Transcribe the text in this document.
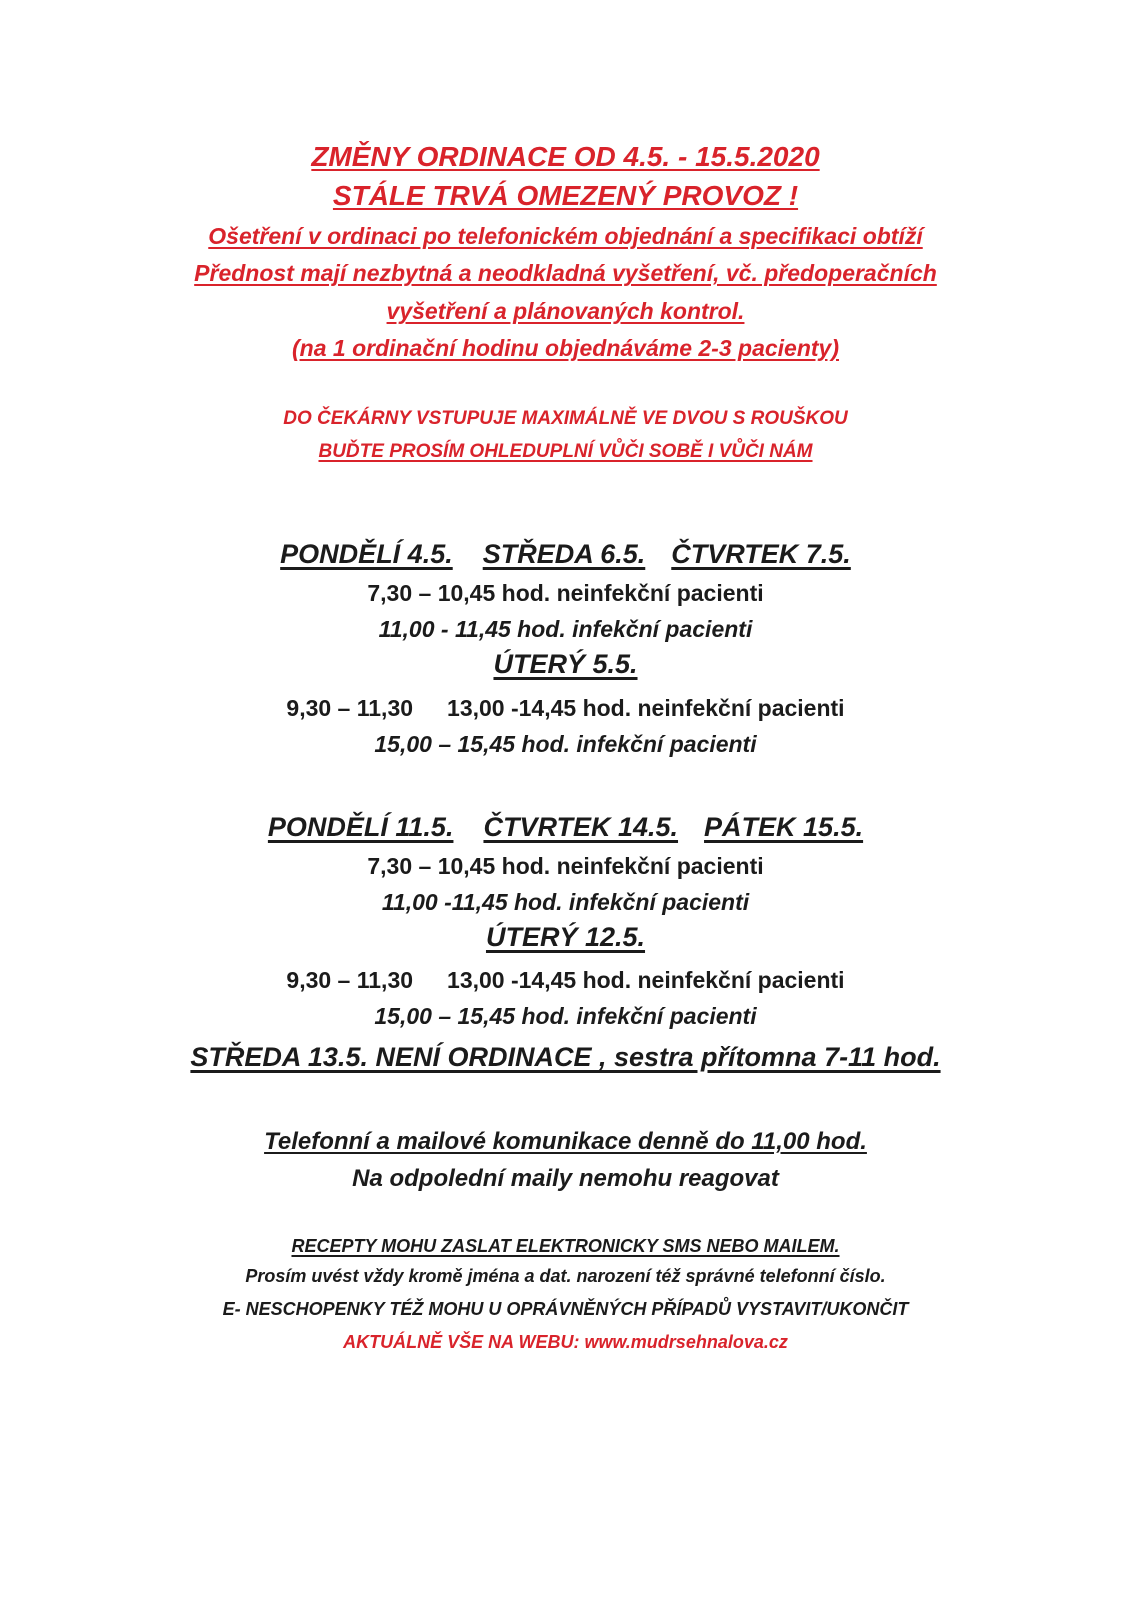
ZMĚNY ORDINACE OD 4.5. - 15.5.2020
STÁLE TRVÁ OMEZENÝ PROVOZ !
Ošetření v ordinaci po telefonickém objednání a specifikaci obtíží
Přednost mají nezbytná a neodkladná vyšetření, vč. předoperačních
vyšetření a plánovaných kontrol.
(na 1 ordinační hodinu objednáváme 2-3 pacienty)
DO ČEKÁRNY VSTUPUJE MAXIMÁLNĚ VE DVOU S ROUŠKOU
BUĎTE PROSÍM OHLEDUPLNÍ VŮČI SOBĚ I VŮČI NÁM
PONDĚLÍ 4.5. STŘEDA 6.5. ČTVRTEK 7.5.
7,30 – 10,45 hod. neinfekční pacienti
11,00 - 11,45 hod. infekční pacienti
ÚTERÝ 5.5.
9,30 – 11,30 13,00 -14,45 hod. neinfekční pacienti
15,00 – 15,45 hod. infekční pacienti
PONDĚLÍ 11.5. ČTVRTEK 14.5. PÁTEK 15.5.
7,30 – 10,45 hod. neinfekční pacienti
11,00 -11,45 hod. infekční pacienti
ÚTERÝ 12.5.
9,30 – 11,30 13,00 -14,45 hod. neinfekční pacienti
15,00 – 15,45 hod. infekční pacienti
STŘEDA 13.5. NENÍ ORDINACE , sestra přítomna 7-11 hod.
Telefonní a mailové komunikace denně do 11,00 hod.
Na odpolední maily nemohu reagovat
RECEPTY MOHU ZASLAT ELEKTRONICKY SMS NEBO MAILEM.
Prosím uvést vždy kromě jména a dat. narození též správné telefonní číslo.
E- NESCHOPENKY TÉŽ MOHU U OPRÁVNĚNÝCH PŘÍPADŮ VYSTAVIT/UKONČIT
AKTUÁLNĚ VŠE NA WEBU: www.mudrsehnalova.cz
